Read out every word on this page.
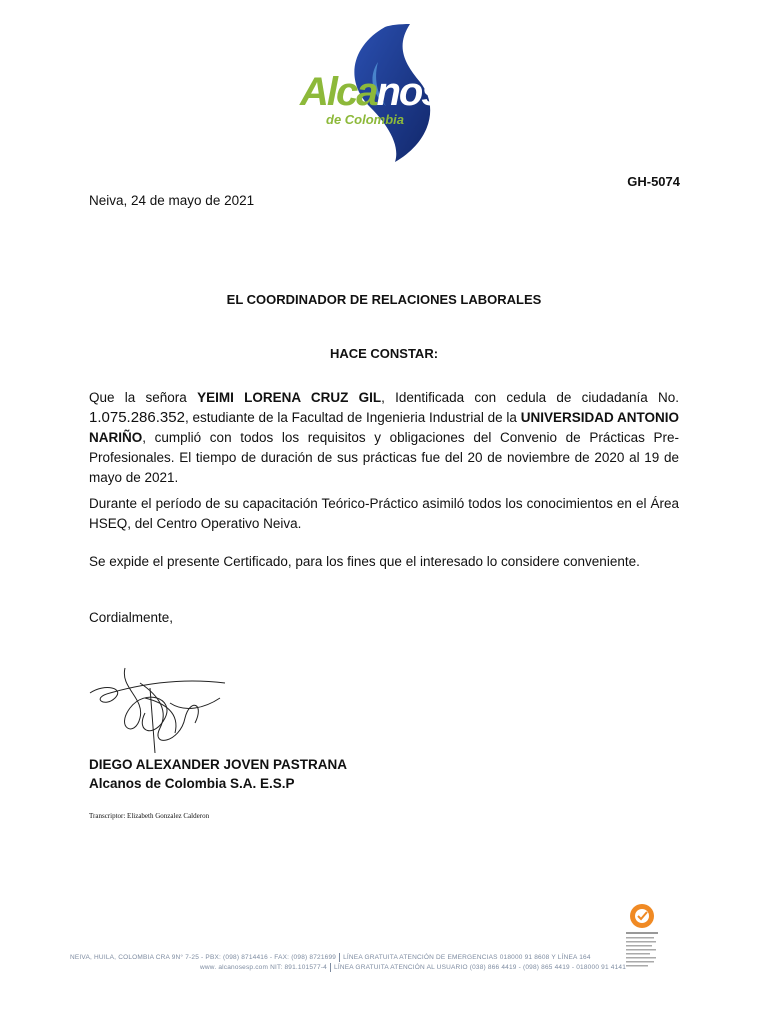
Alcanos
de Colombia
GH-5074
Neiva, 24 de mayo de 2021
EL COORDINADOR DE RELACIONES LABORALES
HACE CONSTAR:
Que la señora YEIMI LORENA CRUZ GIL, Identificada con cedula de ciudadanía No. 1.075.286.352, estudiante de la Facultad de Ingenieria Industrial de la UNIVERSIDAD ANTONIO NARIÑO, cumplió con todos los requisitos y obligaciones del Convenio de Prácticas Pre-Profesionales. El tiempo de duración de sus prácticas fue del 20 de noviembre de 2020 al 19 de mayo de 2021.
Durante el período de su capacitación Teórico-Práctico asimiló todos los conocimientos en el Área HSEQ, del Centro Operativo Neiva.
Se expide el presente Certificado, para los fines que el interesado lo considere conveniente.
Cordialmente,
DIEGO ALEXANDER JOVEN PASTRANA
Alcanos de Colombia S.A. E.S.P
Transcriptor: Elizabeth Gonzalez Calderon
NEIVA, HUILA, COLOMBIA CRA 9N° 7-25 - PBX: (098) 8714416 - FAX: (098) 8721699 LÍNEA GRATUITA ATENCIÓN DE EMERGENCIAS 018000 91 8608 Y LÍNEA 164
www. alcanosesp.com NIT: 891.101577-4 LÍNEA GRATUITA ATENCIÓN AL USUARIO (038) 866 4419 - (098) 865 4419 - 018000 91 4141
